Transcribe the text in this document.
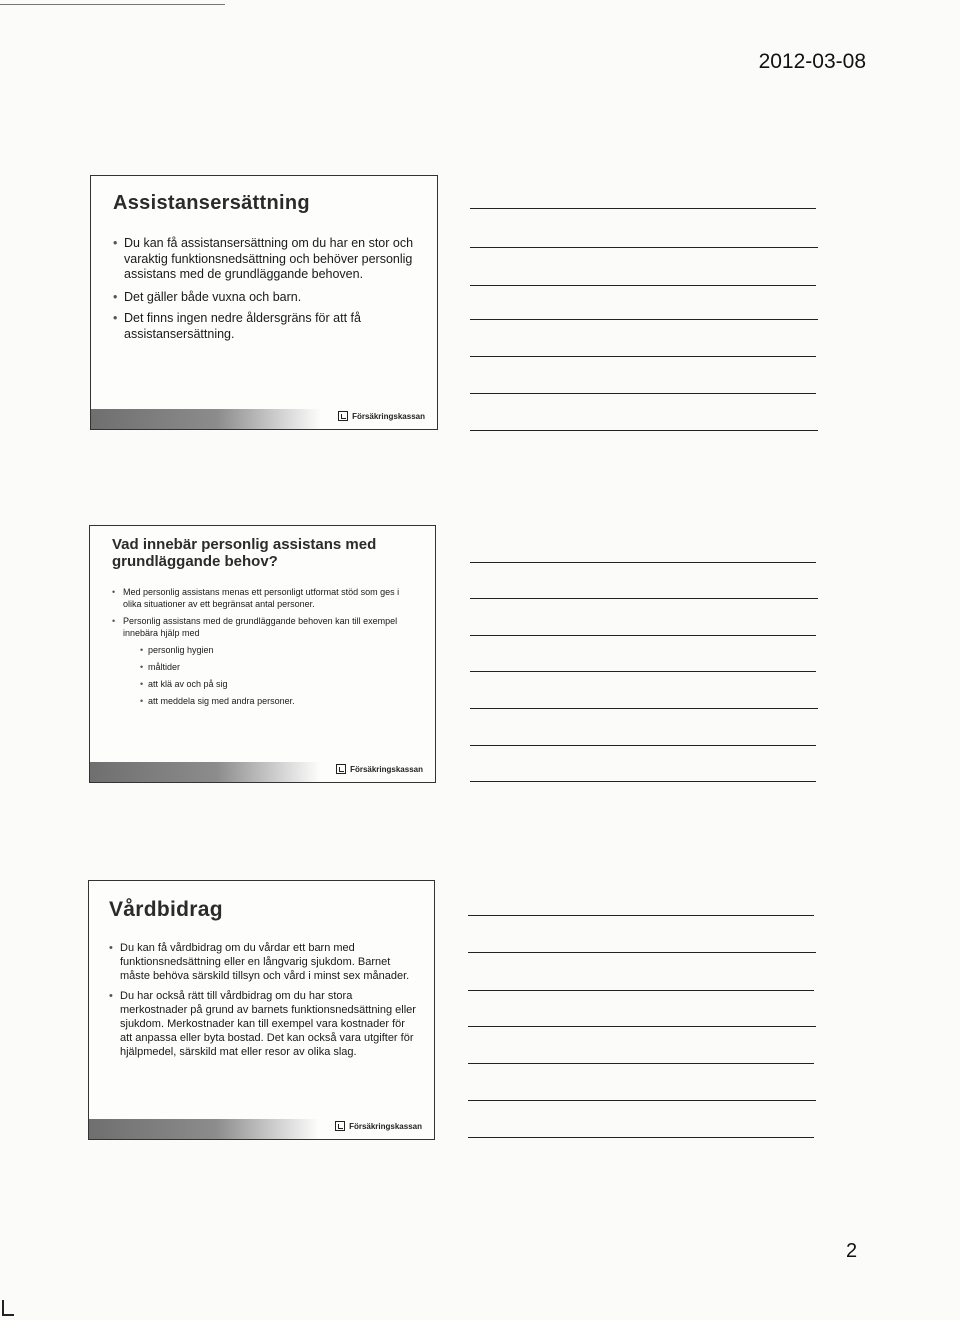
2012-03-08
Assistansersättning
• Du kan få assistansersättning om du har en stor och varaktig funktionsnedsättning och behöver personlig assistans med de grundläggande behoven.
• Det gäller både vuxna och barn.
• Det finns ingen nedre åldersgräns för att få assistansersättning.
Försäkringskassan
Vad innebär personlig assistans med grundläggande behov?
• Med personlig assistans menas ett personligt utformat stöd som ges i olika situationer av ett begränsat antal personer.
• Personlig assistans med de grundläggande behoven kan till exempel innebära hjälp med
• personlig hygien
• måltider
• att klä av och på sig
• att meddela sig med andra personer.
Försäkringskassan
Vårdbidrag
• Du kan få vårdbidrag om du vårdar ett barn med funktionsnedsättning eller en långvarig sjukdom. Barnet måste behöva särskild tillsyn och vård i minst sex månader.
• Du har också rätt till vårdbidrag om du har stora merkostnader på grund av barnets funktionsnedsättning eller sjukdom. Merkostnader kan till exempel vara kostnader för att anpassa eller byta bostad. Det kan också vara utgifter för hjälpmedel, särskild mat eller resor av olika slag.
Försäkringskassan
2
